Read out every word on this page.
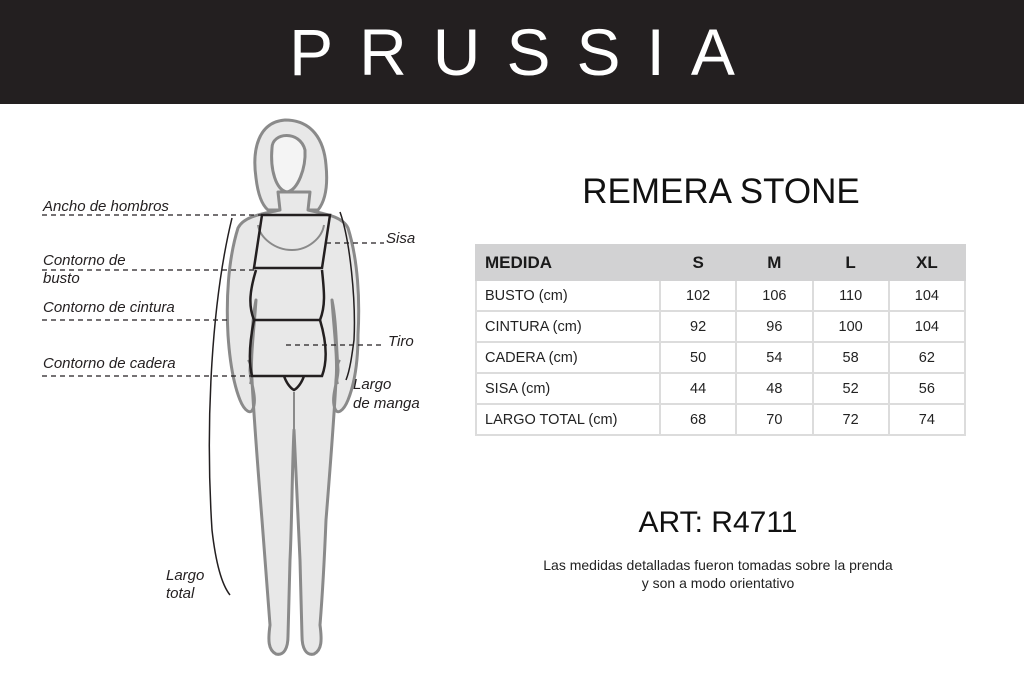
PRUSSIA
Ancho de hombros
Contorno de
busto
Contorno de cintura
Contorno de cadera
Largo
total
Sisa
Tiro
Largo
de manga
REMERA STONE
MEDIDA	S	M	L	XL
BUSTO (cm)	102	106	110	104
CINTURA (cm)	92	96	100	104
CADERA (cm)	50	54	58	62
SISA (cm)	44	48	52	56
LARGO TOTAL (cm)	68	70	72	74
ART: R4711
Las medidas detalladas fueron tomadas sobre la prenda
y son a modo orientativo
